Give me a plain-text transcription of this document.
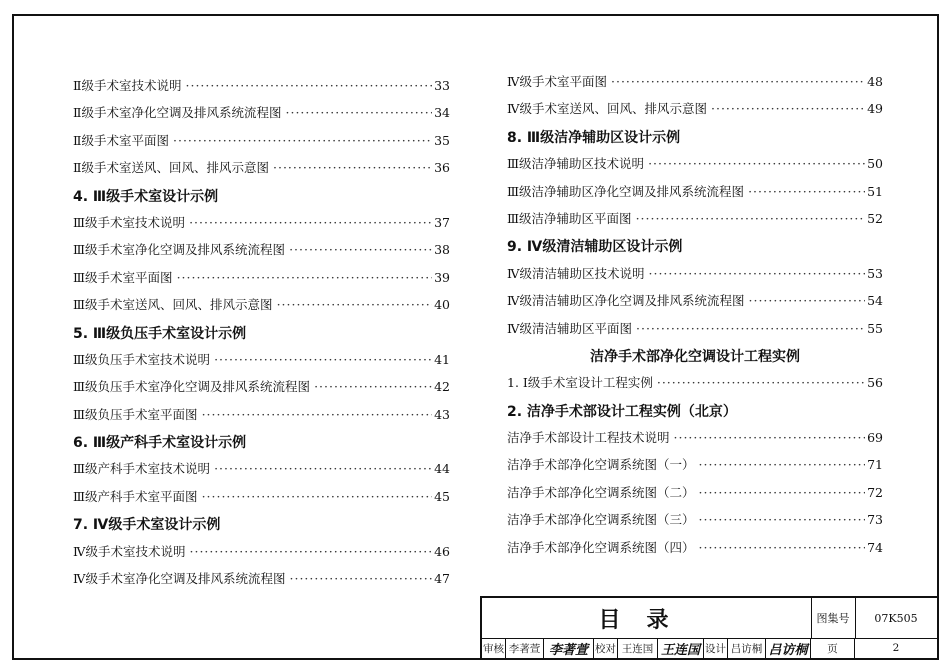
Ⅱ级手术室技术说明 ·····	33
Ⅱ级手术室净化空调及排风系统流程图 ·····	34
Ⅱ级手术室平面图 ·····	35
Ⅱ级手术室送风、回风、排风示意图 ·····	36
4. Ⅲ级手术室设计示例
Ⅲ级手术室技术说明 ·····	37
Ⅲ级手术室净化空调及排风系统流程图 ·····	38
Ⅲ级手术室平面图 ·····	39
Ⅲ级手术室送风、回风、排风示意图 ·····	40
5. Ⅲ级负压手术室设计示例
Ⅲ级负压手术室技术说明 ·····	41
Ⅲ级负压手术室净化空调及排风系统流程图 ·····	42
Ⅲ级负压手术室平面图 ·····	43
6. Ⅲ级产科手术室设计示例
Ⅲ级产科手术室技术说明 ·····	44
Ⅲ级产科手术室平面图 ·····	45
7. Ⅳ级手术室设计示例
Ⅳ级手术室技术说明 ·····	46
Ⅳ级手术室净化空调及排风系统流程图 ·····	47
Ⅳ级手术室平面图 ·····	48
Ⅳ级手术室送风、回风、排风示意图 ·····	49
8. Ⅲ级洁净辅助区设计示例
Ⅲ级洁净辅助区技术说明 ·····	50
Ⅲ级洁净辅助区净化空调及排风系统流程图 ·····	51
Ⅲ级洁净辅助区平面图 ·····	52
9. Ⅳ级清洁辅助区设计示例
Ⅳ级清洁辅助区技术说明 ·····	53
Ⅳ级清洁辅助区净化空调及排风系统流程图 ·····	54
Ⅳ级清洁辅助区平面图 ·····	55
洁净手术部净化空调设计工程实例
1. Ⅰ级手术室设计工程实例 ·····	56
2. 洁净手术部设计工程实例（北京）
洁净手术部设计工程技术说明 ·····	69
洁净手术部净化空调系统图（一） ·····	71
洁净手术部净化空调系统图（二） ·····	72
洁净手术部净化空调系统图（三） ·····	73
洁净手术部净化空调系统图（四） ·····	74
目录	图集号	07K505
审核 李著萱 李著萱 校对 王连国 王连国 设计 吕访桐 吕访桐	页	2
